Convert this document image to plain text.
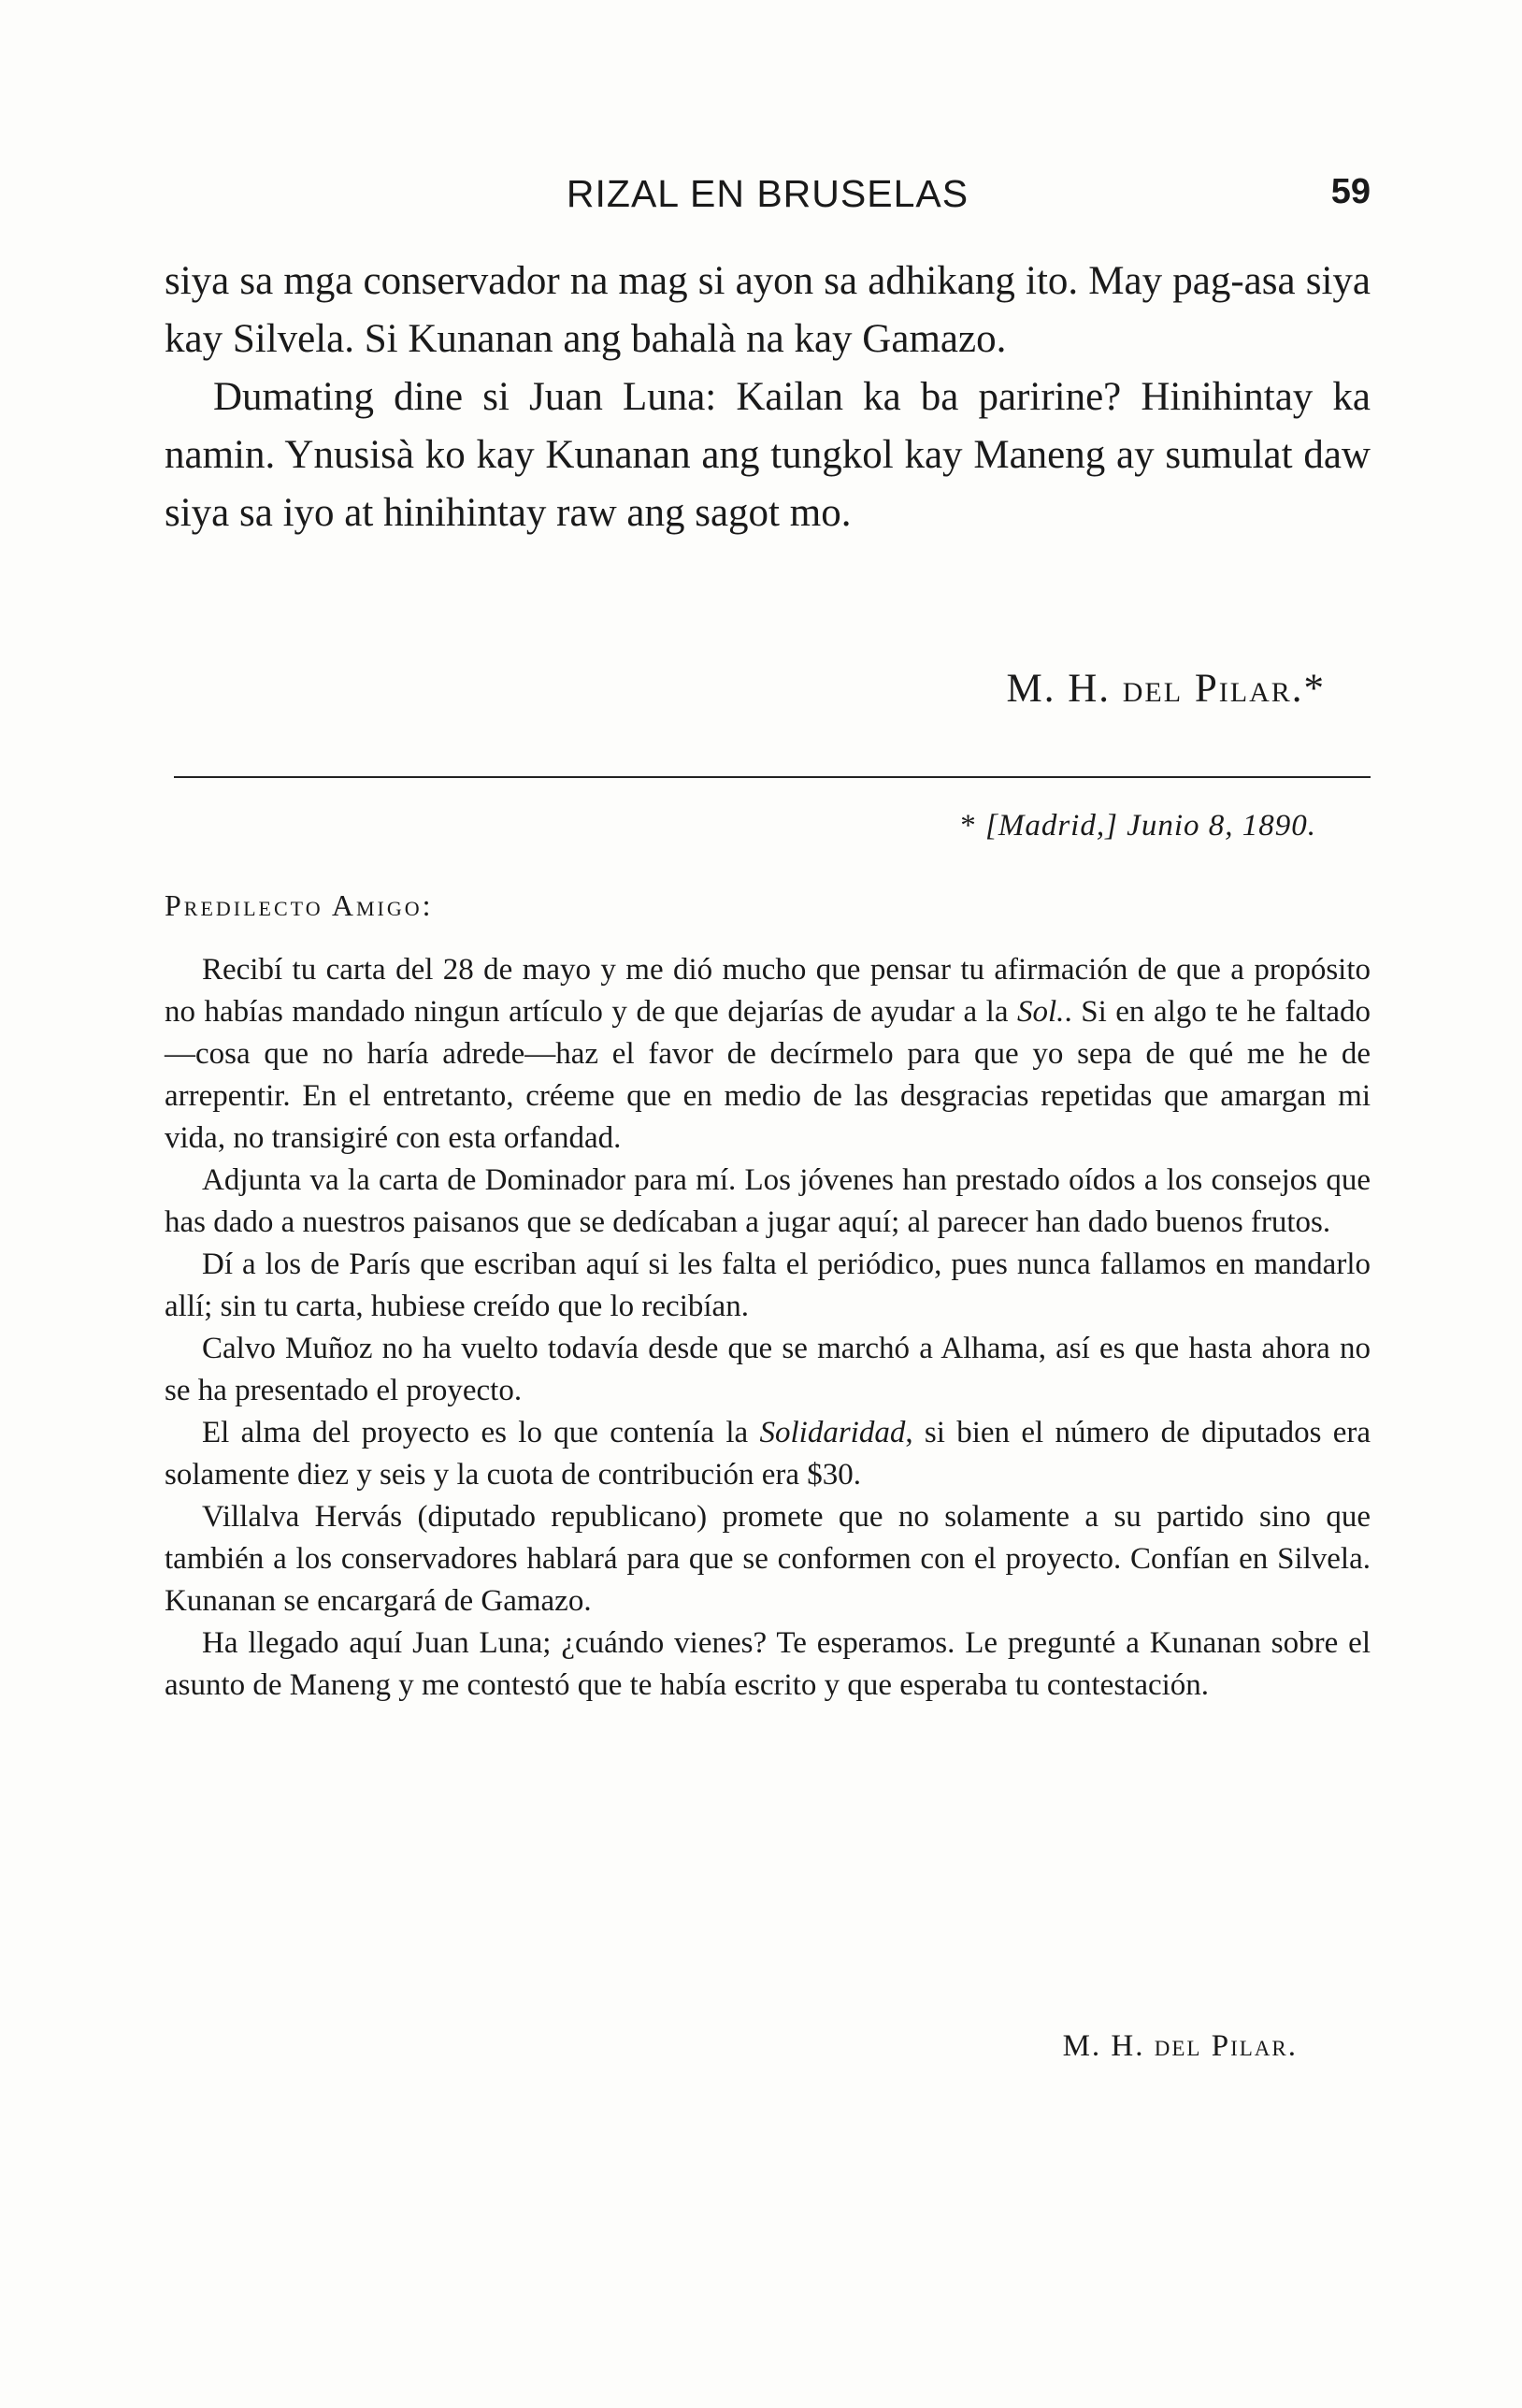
RIZAL EN BRUSELAS	59

siya sa mga conservador na mag si ayon sa adhikang ito. May pag-asa siya kay Silvela. Si Kunanan ang bahalà na kay Gamazo.

Dumating dine si Juan Luna: Kailan ka ba paririne? Hinihintay ka namin. Ynusisà ko kay Kunanan ang tungkol kay Maneng ay sumulat daw siya sa iyo at hinihintay raw ang sagot mo.

M. H. del Pilar.*
* [Madrid,] Junio 8, 1890.
Predilecto Amigo:

Recibí tu carta del 28 de mayo y me dió mucho que pensar tu afirmación de que a propósito no habías mandado ningun artículo y de que dejarías de ayudar a la Sol.. Si en algo te he faltado—cosa que no haría adrede—haz el favor de decírmelo para que yo sepa de qué me he de arrepentir. En el entretanto, créeme que en medio de las desgracias repetidas que amargan mi vida, no transigiré con esta orfandad.

Adjunta va la carta de Dominador para mí. Los jóvenes han prestado oídos a los consejos que has dado a nuestros paisanos que se dedícaban a jugar aquí; al parecer han dado buenos frutos.

Dí a los de París que escriban aquí si les falta el periódico, pues nunca fallamos en mandarlo allí; sin tu carta, hubiese creído que lo recibían.

Calvo Muñoz no ha vuelto todavía desde que se marchó a Alhama, así es que hasta ahora no se ha presentado el proyecto.

El alma del proyecto es lo que contenía la Solidaridad, si bien el número de diputados era solamente diez y seis y la cuota de contribución era $30.

Villalva Hervás (diputado republicano) promete que no solamente a su partido sino que también a los conservadores hablará para que se conformen con el proyecto. Confían en Silvela. Kunanan se encargará de Gamazo.

Ha llegado aquí Juan Luna; ¿cuándo vienes? Te esperamos. Le pregunté a Kunanan sobre el asunto de Maneng y me contestó que te había escrito y que esperaba tu contestación.

M. H. del Pilar.
